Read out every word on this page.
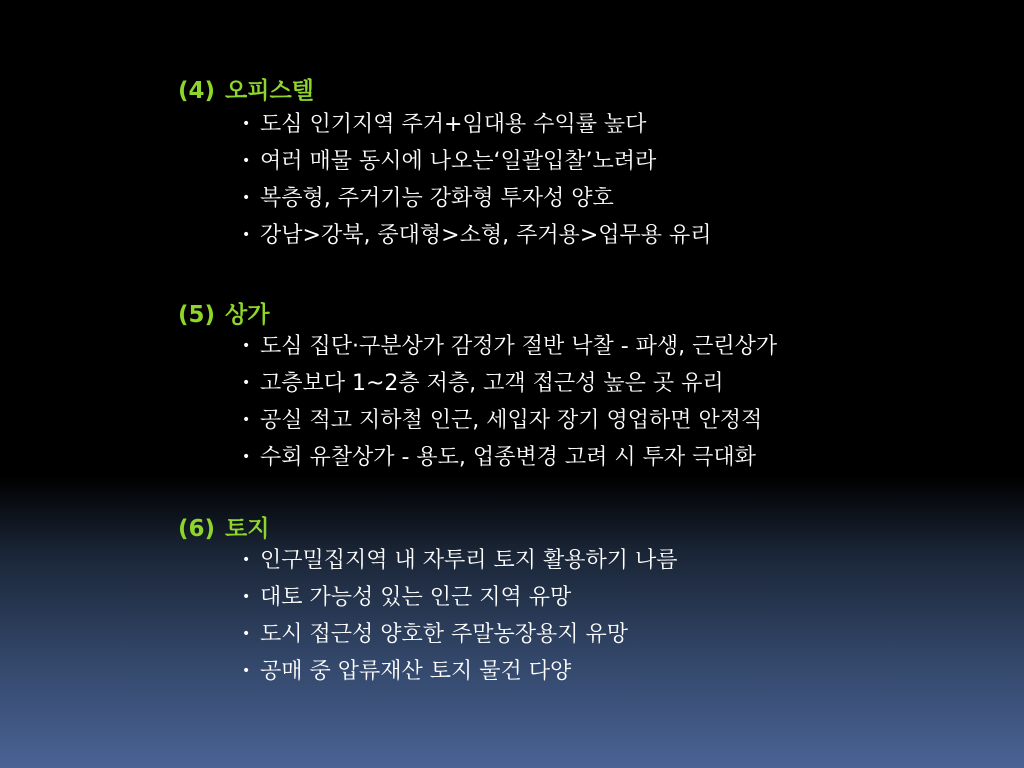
(4) 오피스텔
• 도심 인기지역 주거+임대용 수익률 높다
• 여러 매물 동시에 나오는‘일괄입찰’노려라
• 복층형, 주거기능 강화형 투자성 양호
• 강남>강북, 중대형>소형, 주거용>업무용 유리
(5) 상가
• 도심 집단·구분상가 감정가 절반 낙찰 - 파생, 근린상가
• 고층보다 1~2층 저층, 고객 접근성 높은 곳 유리
• 공실 적고 지하철 인근, 세입자 장기 영업하면 안정적
• 수회 유찰상가 - 용도, 업종변경 고려 시 투자 극대화
(6) 토지
• 인구밀집지역 내 자투리 토지 활용하기 나름
• 대토 가능성 있는 인근 지역 유망
• 도시 접근성 양호한 주말농장용지 유망
• 공매 중 압류재산 토지 물건 다양
